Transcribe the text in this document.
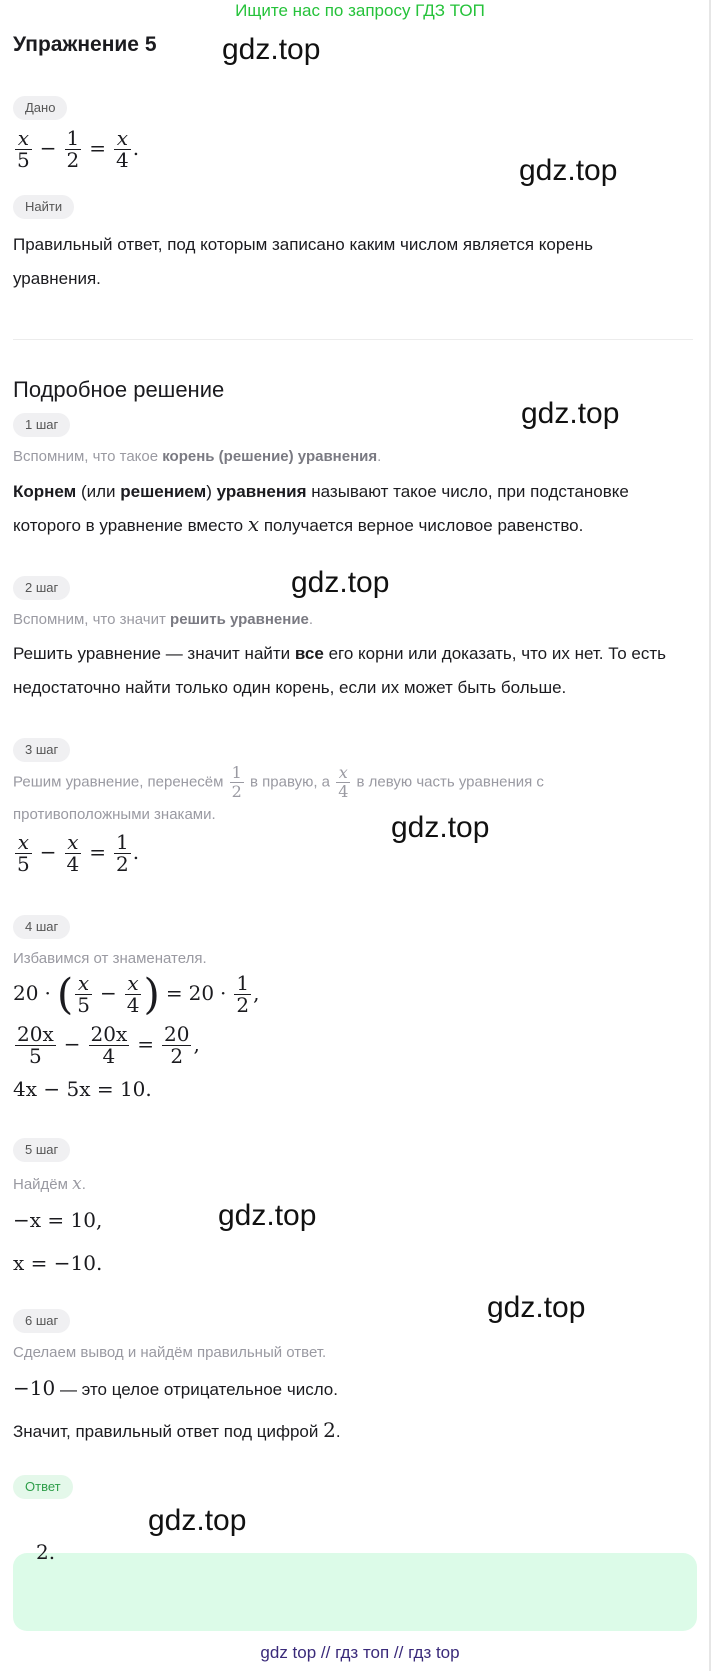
Ищите нас по запросу ГДЗ ТОП
Упражнение 5 gdz.top
gdz.top
gdz.top
gdz.top
gdz.top
gdz.top
gdz.top
gdz.top
Дано
$\frac{x}{5} - \frac{1}{2} = \frac{x}{4}$ .
Найти
Правильный ответ, под которым записано каким числом является корень уравнения.
Подробное решение
1 шаг
Вспомним, что такое корень (решение) уравнения.
Корнем (или решением) уравнения называют такое число, при подстановке которого в уравнение вместо x получается верное числовое равенство.
2 шаг
Вспомним, что значит решить уравнение.
Решить уравнение — значит найти все его корни или доказать, что их нет. То есть недостаточно найти только один корень, если их может быть больше.
3 шаг
Решим уравнение, перенесём $\frac{1}{2}$ в правую, а $\frac{x}{4}$ в левую часть уравнения с противоположными знаками.
$\frac{x}{5} - \frac{x}{4} = \frac{1}{2}$ .
4 шаг
Избавимся от знаменателя.
20 · ( $\frac{x}{5} - \frac{x}{4}$ ) = $20 \cdot \frac{1}{2}$ ,
$\frac{20x}{5} - \frac{20x}{4} = \frac{20}{2}$ ,
4x − 5x = 10.
5 шаг
Найдём x.
−x = 10,
x = −10.
6 шаг
Сделаем вывод и найдём правильный ответ.
−10 — это целое отрицательное число.
Значит, правильный ответ под цифрой 2.
Ответ
2.
gdz top // гдз топ // гдз top
